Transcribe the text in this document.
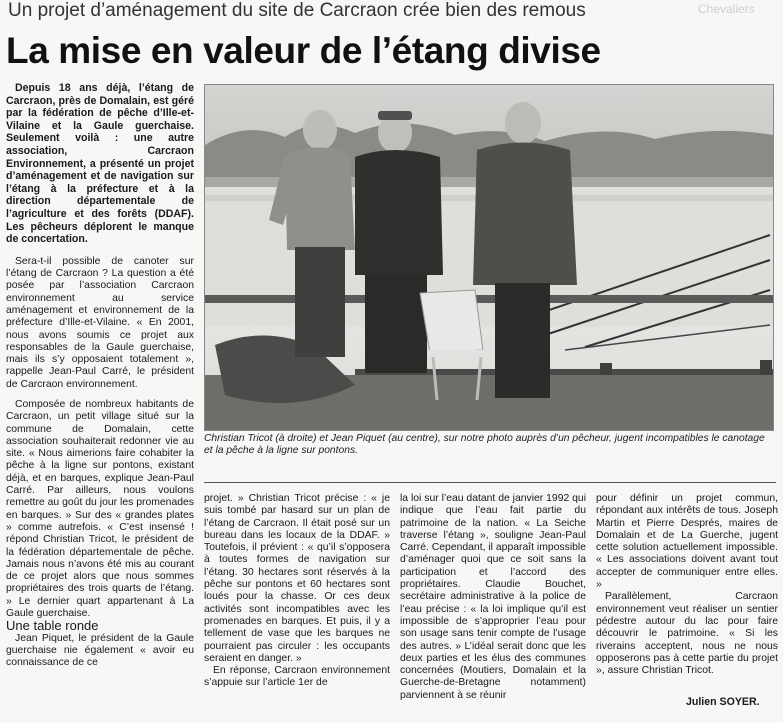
Un projet d’aménagement du site de Carcraon crée bien des remous
La mise en valeur de l’étang divise
Chevaliers

Depuis 18 ans déjà, l’étang de Carcraon, près de Domalain, est géré par la fédération de pêche d’Ille-et-Vilaine et la Gaule guerchaise. Seulement voilà : une autre association, Carcraon Environnement, a présenté un projet d’aménagement et de navigation sur l’étang à la préfecture et à la direction départementale de l’agriculture et des forêts (DDAF). Les pêcheurs déplorent le manque de concertation.

Sera-t-il possible de canoter sur l’étang de Carcraon ? La question a été posée par l’association Carcraon environnement au service aménagement et environnement de la préfecture d’Ille-et-Vilaine. « En 2001, nous avons soumis ce projet aux responsables de la Gaule guerchaise, mais ils s’y opposaient totalement », rappelle Jean-Paul Carré, le président de Carcraon environnement.

Composée de nombreux habitants de Carcraon, un petit village situé sur la commune de Domalain, cette association souhaiterait redonner vie au site. « Nous aimerions faire cohabiter la pêche à la ligne sur pontons, existant déjà, et en barques, explique Jean-Paul Carré. Par ailleurs, nous voulons remettre au goût du jour les promenades en barques. » Sur des « grandes plates » comme autrefois. « C’est insensé ! répond Christian Tricot, le président de la fédération départementale de pêche. Jamais nous n’avons été mis au courant de ce projet alors que nous sommes propriétaires des trois quarts de l’étang. » Le dernier quart appartenant à La Gaule guerchaise.

Une table ronde

Jean Piquet, le président de la Gaule guerchaise nie également « avoir eu connaissance de ce

Christian Tricot (à droite) et Jean Piquet (au centre), sur notre photo auprès d’un pêcheur, jugent incompatibles le canotage et la pêche à la ligne sur pontons.

projet. » Christian Tricot précise : « je suis tombé par hasard sur un plan de l’étang de Carcraon. Il était posé sur un bureau dans les locaux de la DDAF. » Toutefois, il prévient : « qu’il s’opposera à toutes formes de navigation sur l’étang. 30 hectares sont réservés à la pêche sur pontons et 60 hectares sont loués pour la chasse. Or ces deux activités sont incompatibles avec les promenades en barques. Et puis, il y a tellement de vase que les barques ne pourraient pas circuler : les occupants seraient en danger. »

En réponse, Carcraon environnement s’appuie sur l’article 1er de

la loi sur l’eau datant de janvier 1992 qui indique que l’eau fait partie du patrimoine de la nation. « La Seiche traverse l’étang », souligne Jean-Paul Carré. Cependant, il apparaît impossible d’aménager quoi que ce soit sans la participation et l’accord des propriétaires. Claudie Bouchet, secrétaire administrative à la police de l’eau précise : « la loi implique qu’il est impossible de s’approprier l’eau pour son usage sans tenir compte de l’usage des autres. » L’idéal serait donc que les deux parties et les élus des communes concernées (Moutiers, Domalain et la Guerche-de-Bretagne notamment) parviennent à se réunir

pour définir un projet commun, répondant aux intérêts de tous. Joseph Martin et Pierre Després, maires de Domalain et de La Guerche, jugent cette solution actuellement impossible. « Les associations doivent avant tout accepter de communiquer entre elles. »

Parallèlement, Carcraon environnement veut réaliser un sentier pédestre autour du lac pour faire découvrir le patrimoine. « Si les riverains acceptent, nous ne nous opposerons pas à cette partie du projet », assure Christian Tricot.

Julien SOYER.
